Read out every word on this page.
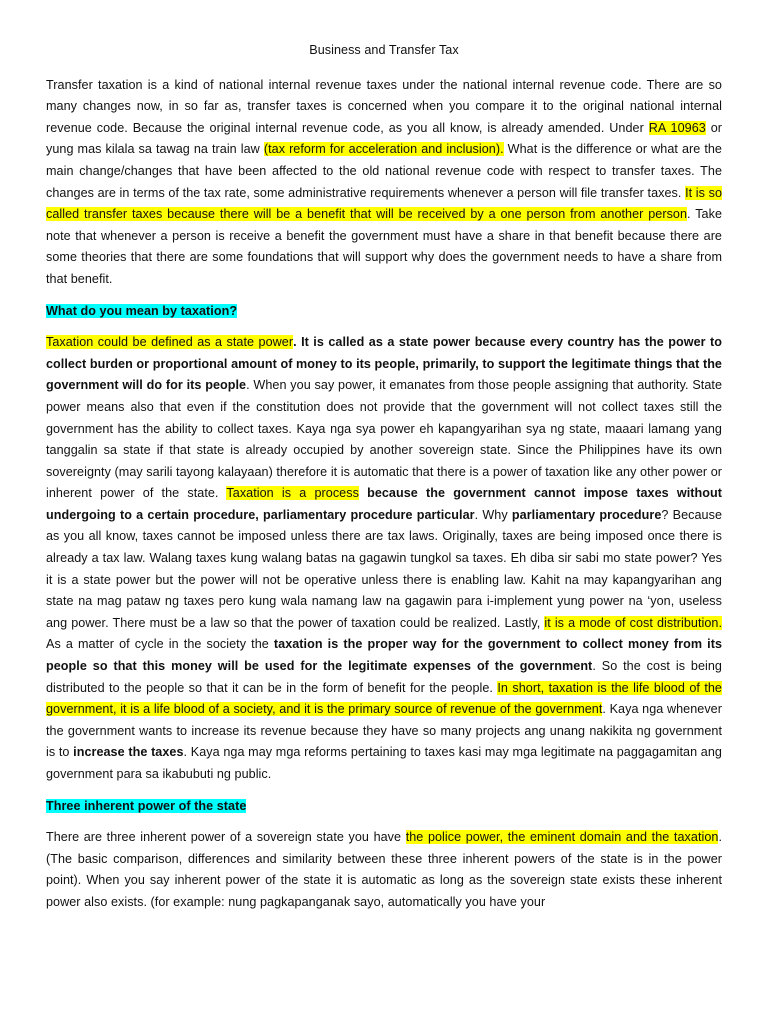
Business and Transfer Tax

Transfer taxation is a kind of national internal revenue taxes under the national internal revenue code. There are so many changes now, in so far as, transfer taxes is concerned when you compare it to the original national internal revenue code. Because the original internal revenue code, as you all know, is already amended. Under RA 10963 or yung mas kilala sa tawag na train law (tax reform for acceleration and inclusion). What is the difference or what are the main change/changes that have been affected to the old national revenue code with respect to transfer taxes. The changes are in terms of the tax rate, some administrative requirements whenever a person will file transfer taxes. It is so called transfer taxes because there will be a benefit that will be received by a one person from another person. Take note that whenever a person is receive a benefit the government must have a share in that benefit because there are some theories that there are some foundations that will support why does the government needs to have a share from that benefit.

What do you mean by taxation?

Taxation could be defined as a state power. It is called as a state power because every country has the power to collect burden or proportional amount of money to its people, primarily, to support the legitimate things that the government will do for its people. When you say power, it emanates from those people assigning that authority. State power means also that even if the constitution does not provide that the government will not collect taxes still the government has the ability to collect taxes. Kaya nga sya power eh kapangyarihan sya ng state, maaari lamang yang tanggalin sa state if that state is already occupied by another sovereign state. Since the Philippines have its own sovereignty (may sarili tayong kalayaan) therefore it is automatic that there is a power of taxation like any other power or inherent power of the state. Taxation is a process because the government cannot impose taxes without undergoing to a certain procedure, parliamentary procedure particular. Why parliamentary procedure? Because as you all know, taxes cannot be imposed unless there are tax laws. Originally, taxes are being imposed once there is already a tax law. Walang taxes kung walang batas na gagawin tungkol sa taxes. Eh diba sir sabi mo state power? Yes it is a state power but the power will not be operative unless there is enabling law. Kahit na may kapangyarihan ang state na mag pataw ng taxes pero kung wala namang law na gagawin para i-implement yung power na ‘yon, useless ang power. There must be a law so that the power of taxation could be realized. Lastly, it is a mode of cost distribution. As a matter of cycle in the society the taxation is the proper way for the government to collect money from its people so that this money will be used for the legitimate expenses of the government. So the cost is being distributed to the people so that it can be in the form of benefit for the people. In short, taxation is the life blood of the government, it is a life blood of a society, and it is the primary source of revenue of the government. Kaya nga whenever the government wants to increase its revenue because they have so many projects ang unang nakikita ng government is to increase the taxes. Kaya nga may mga reforms pertaining to taxes kasi may mga legitimate na paggagamitan ang government para sa ikabubuti ng public.

Three inherent power of the state

There are three inherent power of a sovereign state you have the police power, the eminent domain and the taxation. (The basic comparison, differences and similarity between these three inherent powers of the state is in the power point). When you say inherent power of the state it is automatic as long as the sovereign state exists these inherent power also exists. (for example: nung pagkapanganak sayo, automatically you have your
